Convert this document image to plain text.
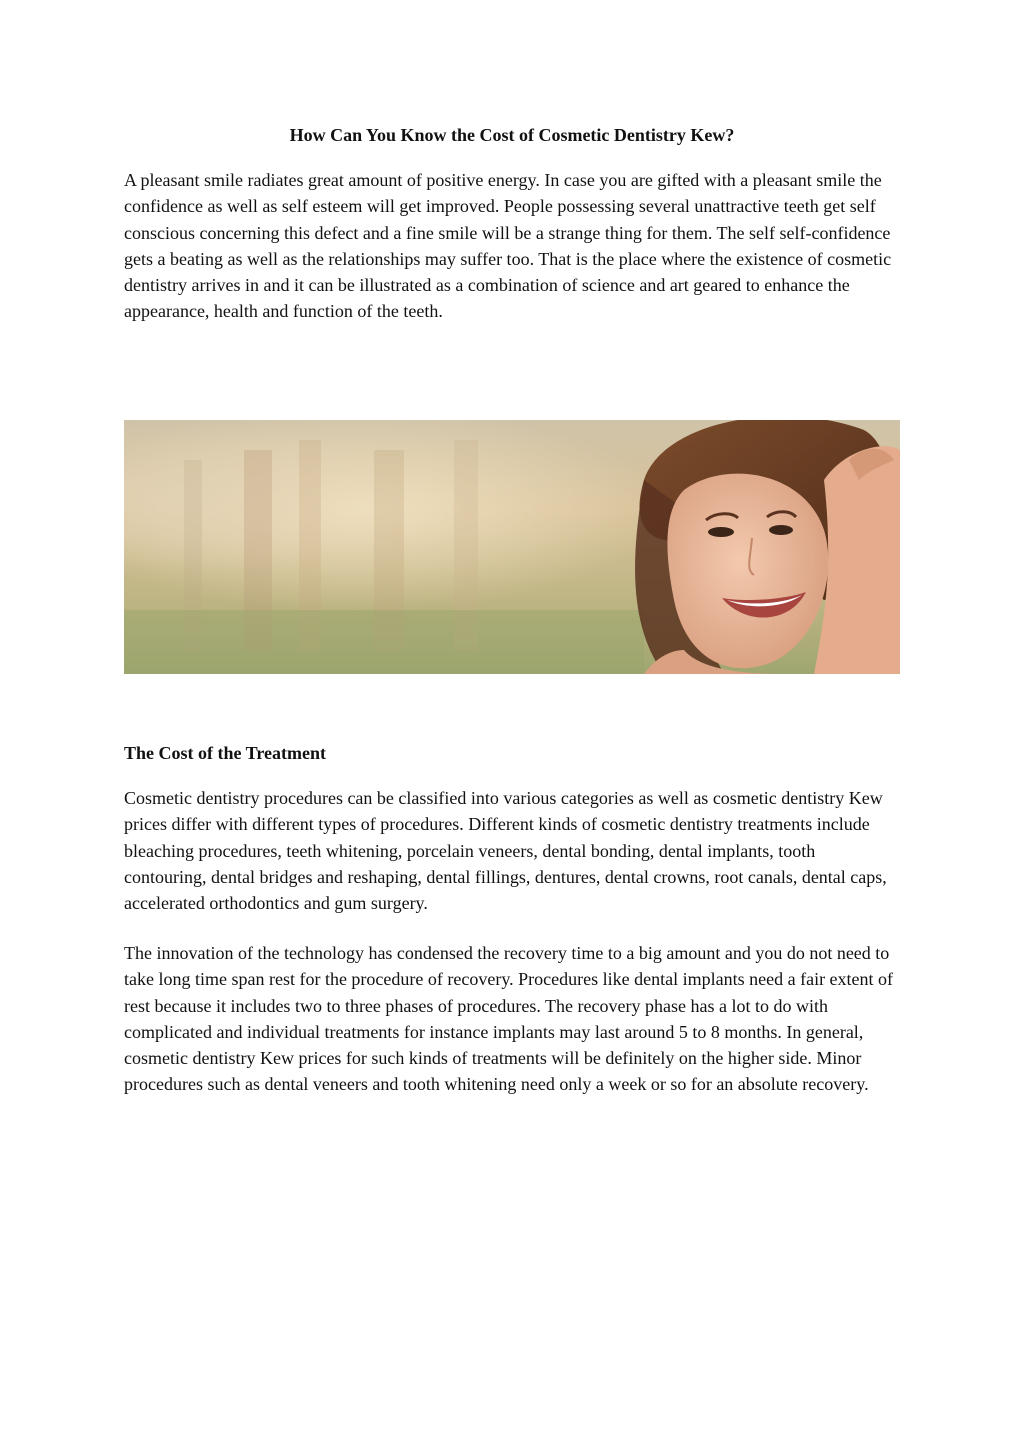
How Can You Know the Cost of Cosmetic Dentistry Kew?

A pleasant smile radiates great amount of positive energy. In case you are gifted with a pleasant smile the confidence as well as self esteem will get improved. People possessing several unattractive teeth get self conscious concerning this defect and a fine smile will be a strange thing for them. The self self-confidence gets a beating as well as the relationships may suffer too. That is the place where the existence of cosmetic dentistry arrives in and it can be illustrated as a combination of science and art geared to enhance the appearance, health and function of the teeth.

The Cost of the Treatment

Cosmetic dentistry procedures can be classified into various categories as well as cosmetic dentistry Kew prices differ with different types of procedures. Different kinds of cosmetic dentistry treatments include bleaching procedures, teeth whitening, porcelain veneers, dental bonding, dental implants, tooth contouring, dental bridges and reshaping, dental fillings, dentures, dental crowns, root canals, dental caps, accelerated orthodontics and gum surgery.

The innovation of the technology has condensed the recovery time to a big amount and you do not need to take long time span rest for the procedure of recovery. Procedures like dental implants need a fair extent of rest because it includes two to three phases of procedures. The recovery phase has a lot to do with complicated and individual treatments for instance implants may last around 5 to 8 months. In general, cosmetic dentistry Kew prices for such kinds of treatments will be definitely on the higher side. Minor procedures such as dental veneers and tooth whitening need only a week or so for an absolute recovery.
